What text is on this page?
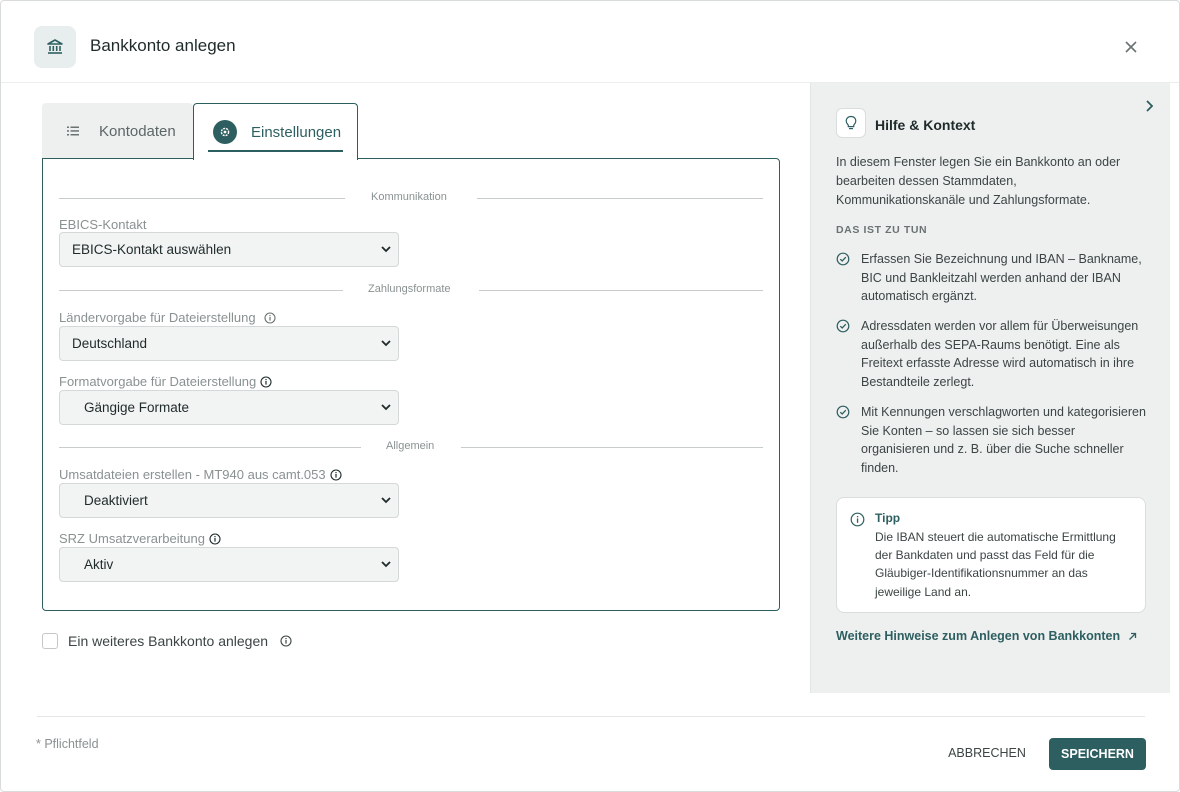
Bankkonto anlegen
Kontodaten	Einstellungen
Kommunikation
EBICS-Kontakt
EBICS-Kontakt auswählen
Zahlungsformate
Ländervorgabe für Dateierstellung
Deutschland
Formatvorgabe für Dateierstellung
Gängige Formate
Allgemein
Umsatdateien erstellen - MT940 aus camt.053
Deaktiviert
SRZ Umsatzverarbeitung
Aktiv
Ein weiteres Bankkonto anlegen
Hilfe & Kontext
In diesem Fenster legen Sie ein Bankkonto an oder bearbeiten dessen Stammdaten, Kommunikationskanäle und Zahlungsformate.
DAS IST ZU TUN
Erfassen Sie Bezeichnung und IBAN – Bankname, BIC und Bankleitzahl werden anhand der IBAN automatisch ergänzt.
Adressdaten werden vor allem für Überweisungen außerhalb des SEPA-Raums benötigt. Eine als Freitext erfasste Adresse wird automatisch in ihre Bestandteile zerlegt.
Mit Kennungen verschlagworten und kategorisieren Sie Konten – so lassen sie sich besser organisieren und z. B. über die Suche schneller finden.
Tipp
Die IBAN steuert die automatische Ermittlung der Bankdaten und passt das Feld für die Gläubiger-Identifikationsnummer an das jeweilige Land an.
Weitere Hinweise zum Anlegen von Bankkonten
* Pflichtfeld
ABBRECHEN	SPEICHERN
